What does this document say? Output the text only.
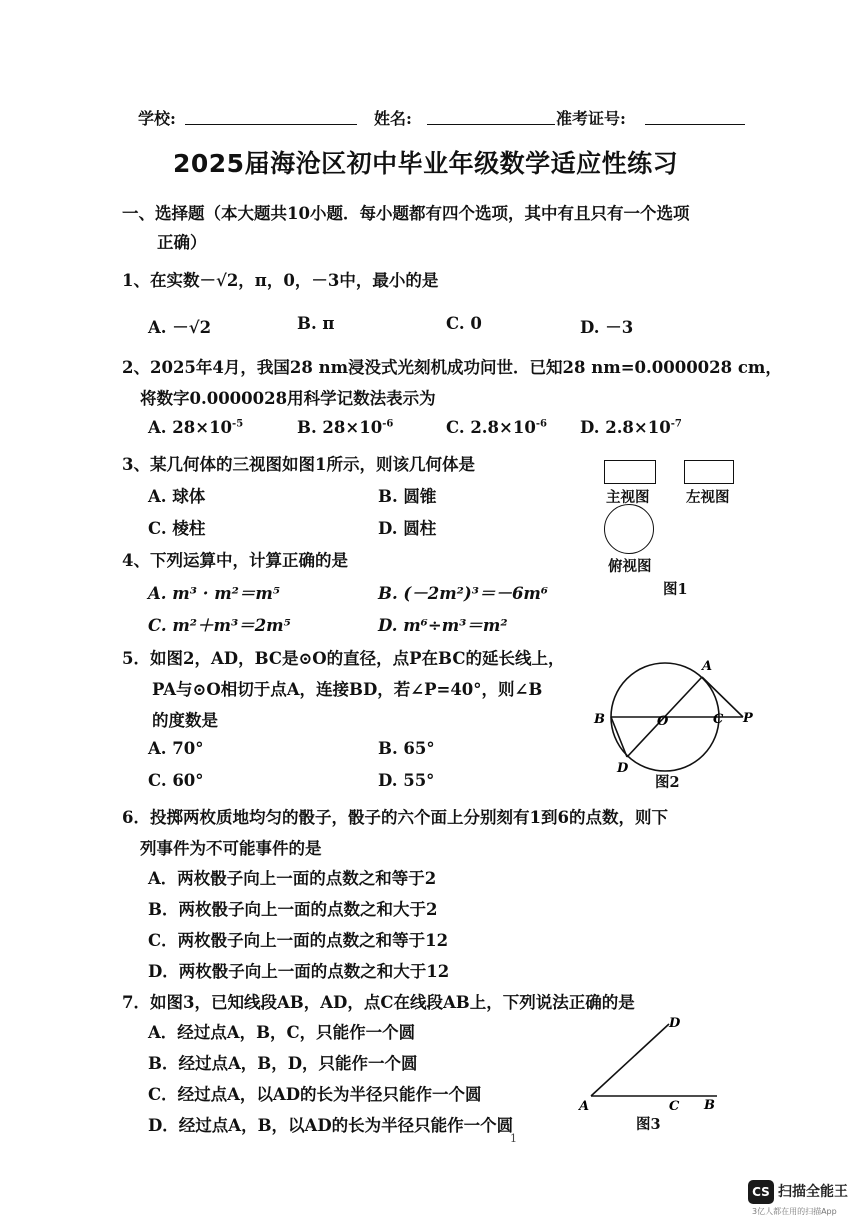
学校:	姓名:	准考证号:
2025届海沧区初中毕业年级数学适应性练习
一、选择题（本大题共10小题．每小题都有四个选项，其中有且只有一个选项
正确）
1、在实数－√2，π，0，－3中，最小的是
A. －√2	B. π	C. 0	D. －3
2、2025年4月，我国28 nm浸没式光刻机成功问世．已知28 nm=0.0000028 cm，
将数字0.0000028用科学记数法表示为
A. $28\times 10^{-5}$	B. $28\times 10^{-6}$	C. $2.8\times 10^{-6}$ D. $2.8\times 10^{-7}$
3、某几何体的三视图如图1所示，则该几何体是
A. 球体	B. 圆锥
C. 棱柱	D. 圆柱
主视图	左视图
俯视图
图1
4、下列运算中，计算正确的是
A. m³ · m²＝m⁵	B. (－2m²)³＝－6m⁶
C. m²＋m³＝2m⁵	D. m⁶÷m³＝m²
5．如图2，AD，BC是⊙O的直径，点P在BC的延长线上，
PA与⊙O相切于点A，连接BD，若∠P=40°，则∠B
的度数是
A. 70°	B. 65°
C. 60°	D. 55°
A
B	O	C P
D
图2
6．投掷两枚质地均匀的骰子，骰子的六个面上分别刻有1到6的点数，则下
列事件为不可能事件的是
A．两枚骰子向上一面的点数之和等于2
B．两枚骰子向上一面的点数之和大于2
C．两枚骰子向上一面的点数之和等于12
D．两枚骰子向上一面的点数之和大于12
7．如图3，已知线段AB，AD，点C在线段AB上，下列说法正确的是
A．经过点A，B，C，只能作一个圆
B．经过点A，B，D，只能作一个圆
C．经过点A，以AD的长为半径只能作一个圆
D．经过点A，B，以AD的长为半径只能作一个圆
A	C B
D
图3
1
CS 扫描全能王
3亿人都在用的扫描App
